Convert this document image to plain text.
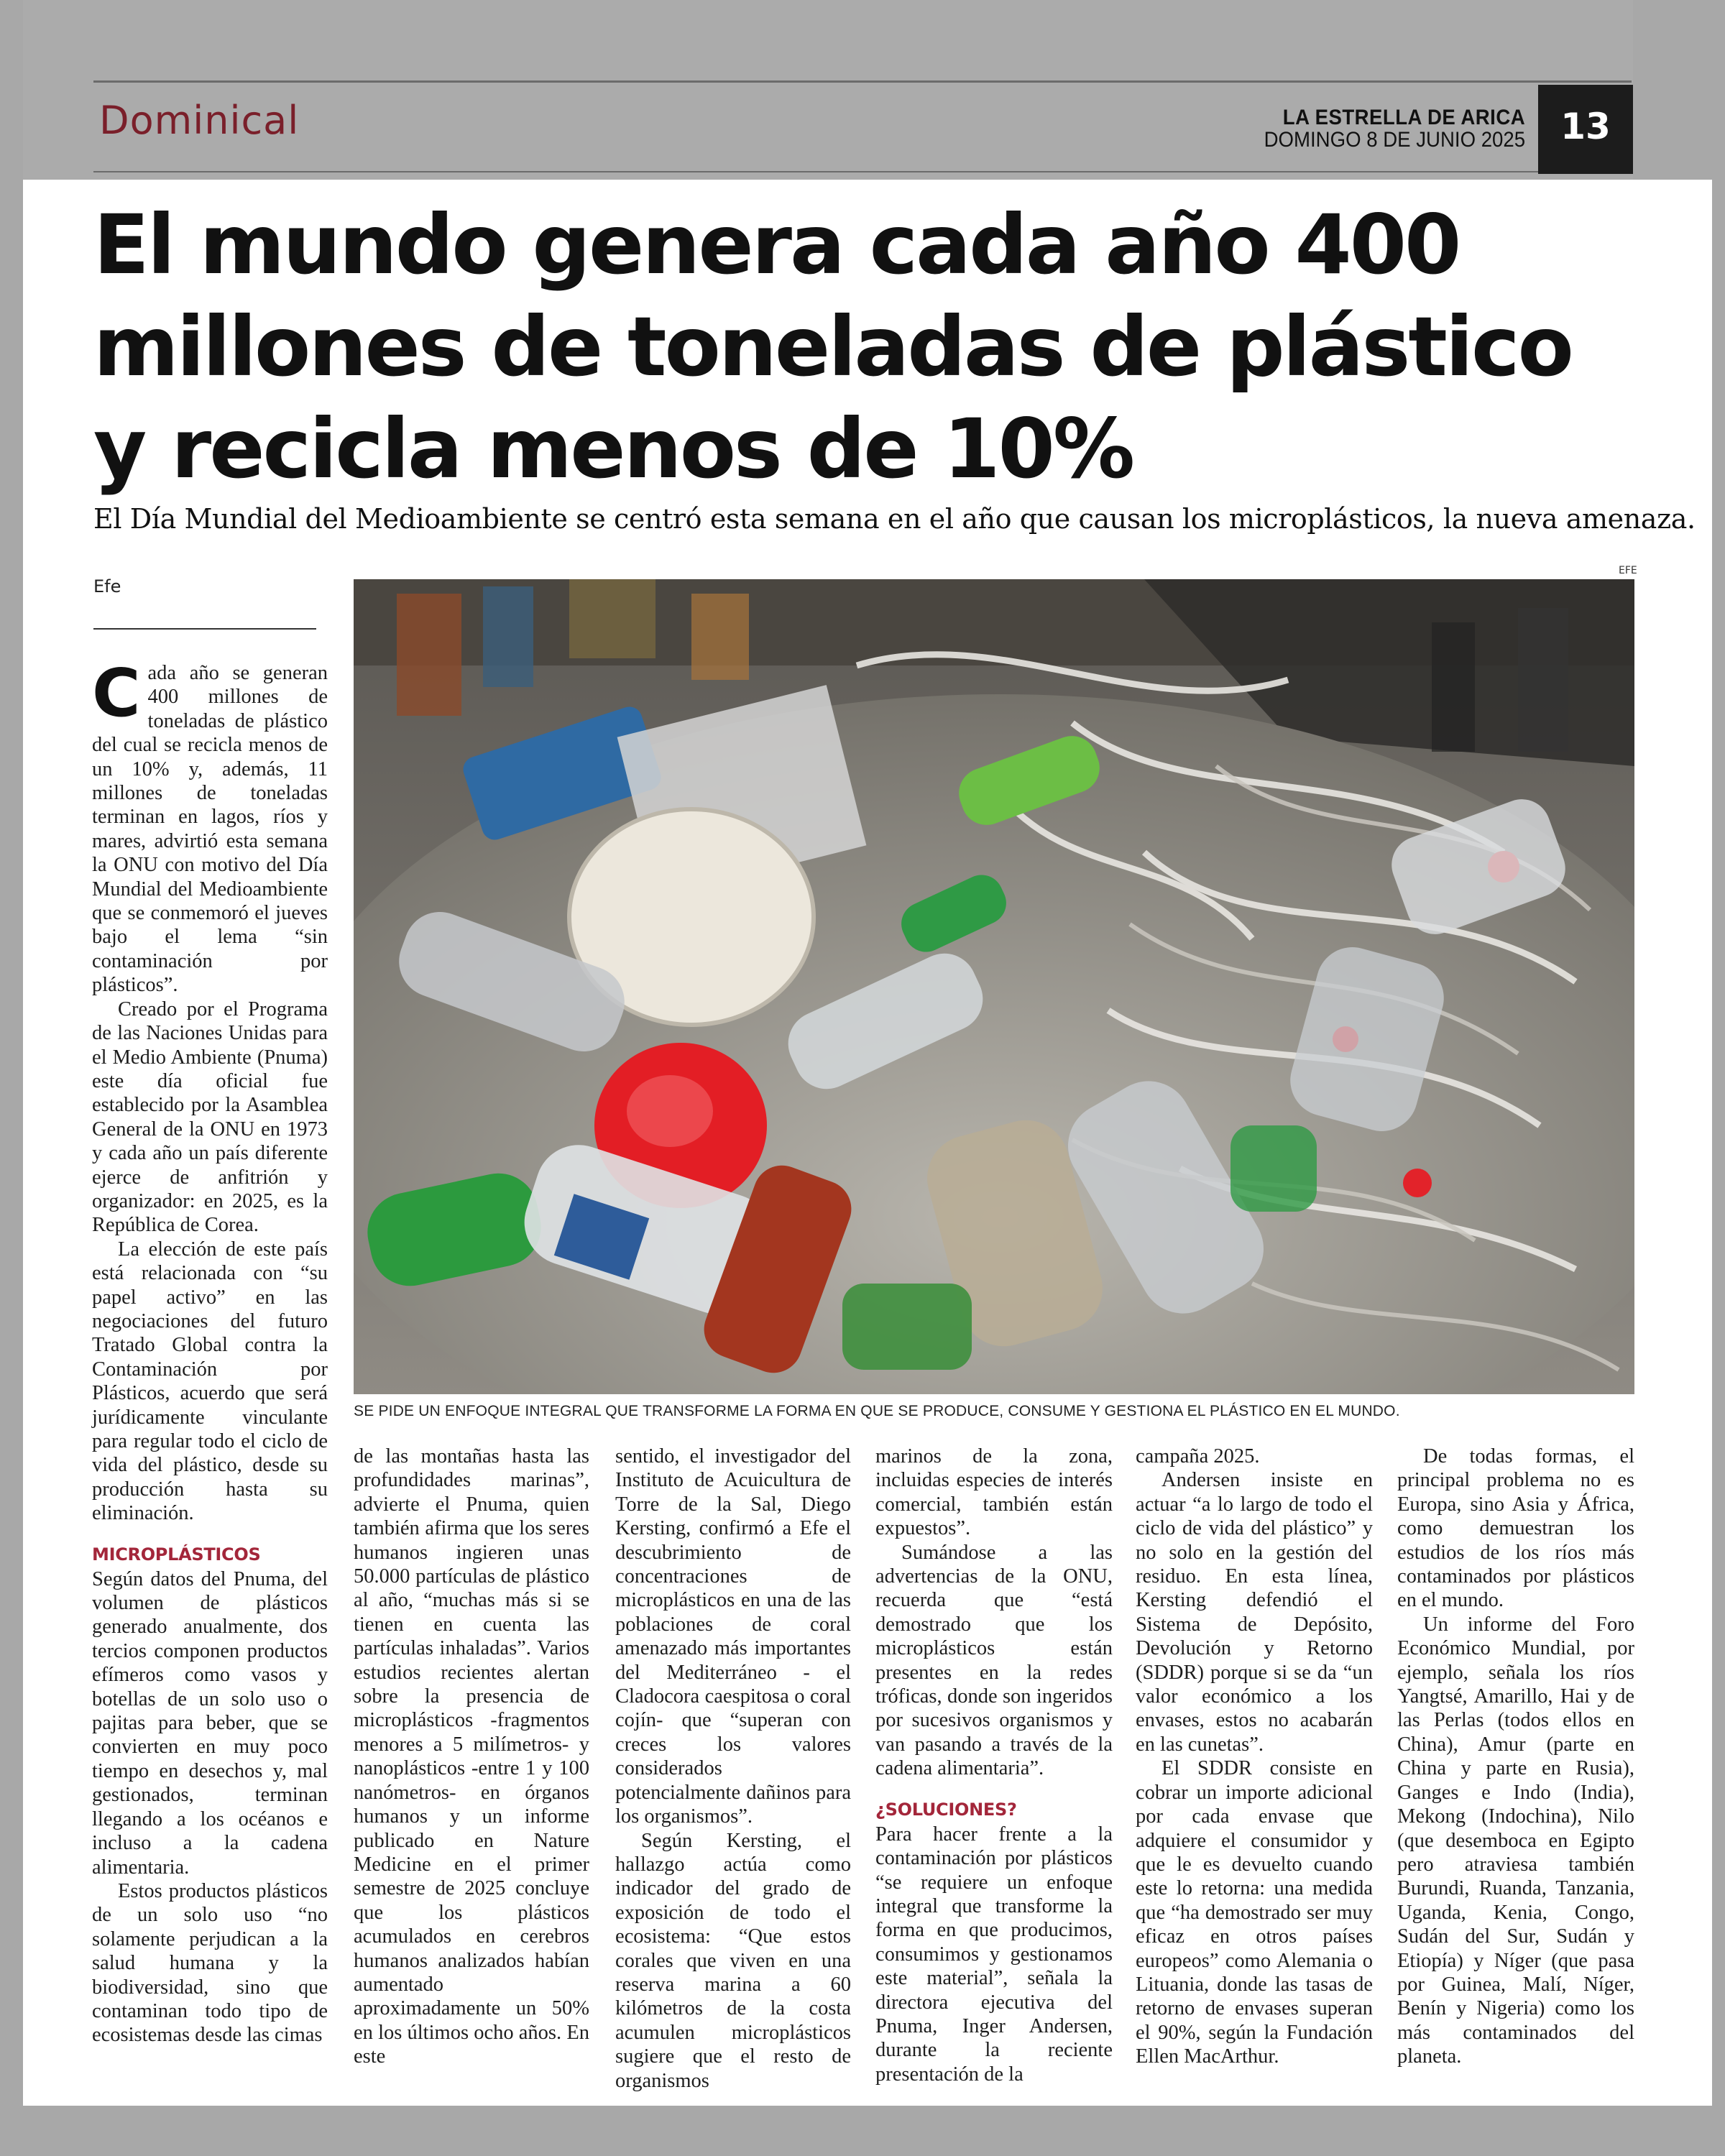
Dominical	LA ESTRELLA DE ARICA
DOMINGO 8 DE JUNIO 2025 13
El mundo genera cada año 400 millones de toneladas de plástico y recicla menos de 10%
El Día Mundial del Medioambiente se centró esta semana en el año que causan los microplásticos, la nueva amenaza.
Efe
EFE
SE PIDE UN ENFOQUE INTEGRAL QUE TRANSFORME LA FORMA EN QUE SE PRODUCE, CONSUME Y GESTIONA EL PLÁSTICO EN EL MUNDO.

Cada año se generan 400 millones de toneladas de plástico del cual se recicla menos de un 10% y, además, 11 millones de toneladas terminan en lagos, ríos y mares, advirtió esta semana la ONU con motivo del Día Mundial del Medioambiente que se conmemoró el jueves bajo el lema “sin contaminación por plásticos”.

Creado por el Programa de las Naciones Unidas para el Medio Ambiente (Pnuma) este día oficial fue establecido por la Asamblea General de la ONU en 1973 y cada año un país diferente ejerce de anfitrión y organizador: en 2025, es la República de Corea.

La elección de este país está relacionada con “su papel activo” en las negociaciones del futuro Tratado Global contra la Contaminación por Plásticos, acuerdo que será jurídicamente vinculante para regular todo el ciclo de vida del plástico, desde su producción hasta su eliminación.

MICROPLÁSTICOS

Según datos del Pnuma, del volumen de plásticos generado anualmente, dos tercios componen productos efímeros como vasos y botellas de un solo uso o pajitas para beber, que se convierten en muy poco tiempo en desechos y, mal gestionados, terminan llegando a los océanos e incluso a la cadena alimentaria.

Estos productos plásticos de un solo uso “no solamente perjudican a la salud humana y la biodiversidad, sino que contaminan todo tipo de ecosistemas desde las cimas

de las montañas hasta las profundidades marinas”, advierte el Pnuma, quien también afirma que los seres humanos ingieren unas 50.000 partículas de plástico al año, “muchas más si se tienen en cuenta las partículas inhaladas”. Varios estudios recientes alertan sobre la presencia de microplásticos -fragmentos menores a 5 milímetros- y nanoplásticos -entre 1 y 100 nanómetros- en órganos humanos y un informe publicado en Nature Medicine en el primer semestre de 2025 concluye que los plásticos acumulados en cerebros humanos analizados habían aumentado aproximadamente un 50% en los últimos ocho años. En este

sentido, el investigador del Instituto de Acuicultura de Torre de la Sal, Diego Kersting, confirmó a Efe el descubrimiento de concentraciones de microplásticos en una de las poblaciones de coral amenazado más importantes del Mediterráneo - el Cladocora caespitosa o coral cojín- que “superan con creces los valores considerados potencialmente dañinos para los organismos”.

Según Kersting, el hallazgo actúa como indicador del grado de exposición de todo el ecosistema: “Que estos corales que viven en una reserva marina a 60 kilómetros de la costa acumulen microplásticos sugiere que el resto de organismos

marinos de la zona, incluidas especies de interés comercial, también están expuestos”.

Sumándose a las advertencias de la ONU, recuerda que “está demostrado que los microplásticos están presentes en la redes tróficas, donde son ingeridos por sucesivos organismos y van pasando a través de la cadena alimentaria”.

¿SOLUCIONES?

Para hacer frente a la contaminación por plásticos “se requiere un enfoque integral que transforme la forma en que producimos, consumimos y gestionamos este material”, señala la directora ejecutiva del Pnuma, Inger Andersen, durante la reciente presentación de la

campaña 2025.

Andersen insiste en actuar “a lo largo de todo el ciclo de vida del plástico” y no solo en la gestión del residuo. En esta línea, Kersting defendió el Sistema de Depósito, Devolución y Retorno (SDDR) porque si se da “un valor económico a los envases, estos no acabarán en las cunetas”.

El SDDR consiste en cobrar un importe adicional por cada envase que adquiere el consumidor y que le es devuelto cuando este lo retorna: una medida que “ha demostrado ser muy eficaz en otros países europeos” como Alemania o Lituania, donde las tasas de retorno de envases superan el 90%, según la Fundación Ellen MacArthur.

De todas formas, el principal problema no es Europa, sino Asia y África, como demuestran los estudios de los ríos más contaminados por plásticos en el mundo.

Un informe del Foro Económico Mundial, por ejemplo, señala los ríos Yangtsé, Amarillo, Hai y de las Perlas (todos ellos en China), Amur (parte en China y parte en Rusia), Ganges e Indo (India), Mekong (Indochina), Nilo (que desemboca en Egipto pero atraviesa también Burundi, Ruanda, Tanzania, Uganda, Kenia, Congo, Sudán del Sur, Sudán y Etiopía) y Níger (que pasa por Guinea, Malí, Níger, Benín y Nigeria) como los más contaminados del planeta.
